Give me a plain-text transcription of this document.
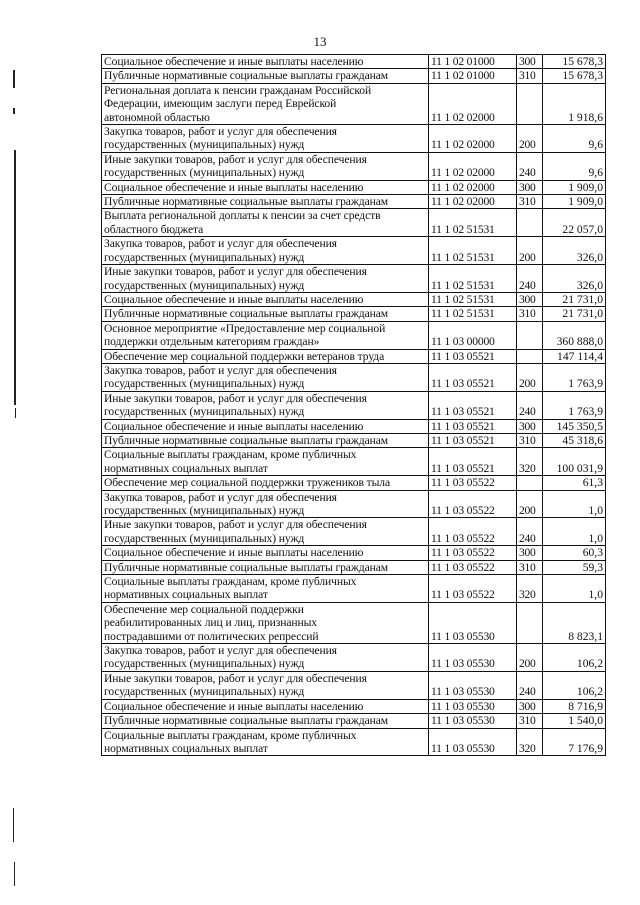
13
Социальное обеспечение и иные выплаты населению	11 1 02 01000	300	15 678,3
Публичные нормативные социальные выплаты гражданам	11 1 02 01000	310	15 678,3
Региональная доплата к пенсии гражданам Российской
Федерации, имеющим заслуги перед Еврейской
автономной областью	11 1 02 02000		1 918,6
Закупка товаров, работ и услуг для обеспечения
государственных (муниципальных) нужд	11 1 02 02000	200	9,6
Иные закупки товаров, работ и услуг для обеспечения
государственных (муниципальных) нужд	11 1 02 02000	240	9,6
Социальное обеспечение и иные выплаты населению	11 1 02 02000	300	1 909,0
Публичные нормативные социальные выплаты гражданам	11 1 02 02000	310	1 909,0
Выплата региональной доплаты к пенсии за счет средств
областного бюджета	11 1 02 51531		22 057,0
Закупка товаров, работ и услуг для обеспечения
государственных (муниципальных) нужд	11 1 02 51531	200	326,0
Иные закупки товаров, работ и услуг для обеспечения
государственных (муниципальных) нужд	11 1 02 51531	240	326,0
Социальное обеспечение и иные выплаты населению	11 1 02 51531	300	21 731,0
Публичные нормативные социальные выплаты гражданам	11 1 02 51531	310	21 731,0
Основное мероприятие «Предоставление мер социальной
поддержки отдельным категориям граждан»	11 1 03 00000		360 888,0
Обеспечение мер социальной поддержки ветеранов труда	11 1 03 05521		147 114,4
Закупка товаров, работ и услуг для обеспечения
государственных (муниципальных) нужд	11 1 03 05521	200	1 763,9
Иные закупки товаров, работ и услуг для обеспечения
государственных (муниципальных) нужд	11 1 03 05521	240	1 763,9
Социальное обеспечение и иные выплаты населению	11 1 03 05521	300	145 350,5
Публичные нормативные социальные выплаты гражданам	11 1 03 05521	310	45 318,6
Социальные выплаты гражданам, кроме публичных
нормативных социальных выплат	11 1 03 05521	320	100 031,9
Обеспечение мер социальной поддержки тружеников тыла	11 1 03 05522		61,3
Закупка товаров, работ и услуг для обеспечения
государственных (муниципальных) нужд	11 1 03 05522	200	1,0
Иные закупки товаров, работ и услуг для обеспечения
государственных (муниципальных) нужд	11 1 03 05522	240	1,0
Социальное обеспечение и иные выплаты населению	11 1 03 05522	300	60,3
Публичные нормативные социальные выплаты гражданам	11 1 03 05522	310	59,3
Социальные выплаты гражданам, кроме публичных
нормативных социальных выплат	11 1 03 05522	320	1,0
Обеспечение мер социальной поддержки
реабилитированных лиц и лиц, признанных
пострадавшими от политических репрессий	11 1 03 05530		8 823,1
Закупка товаров, работ и услуг для обеспечения
государственных (муниципальных) нужд	11 1 03 05530	200	106,2
Иные закупки товаров, работ и услуг для обеспечения
государственных (муниципальных) нужд	11 1 03 05530	240	106,2
Социальное обеспечение и иные выплаты населению	11 1 03 05530	300	8 716,9
Публичные нормативные социальные выплаты гражданам	11 1 03 05530	310	1 540,0
Социальные выплаты гражданам, кроме публичных
нормативных социальных выплат	11 1 03 05530	320	7 176,9
